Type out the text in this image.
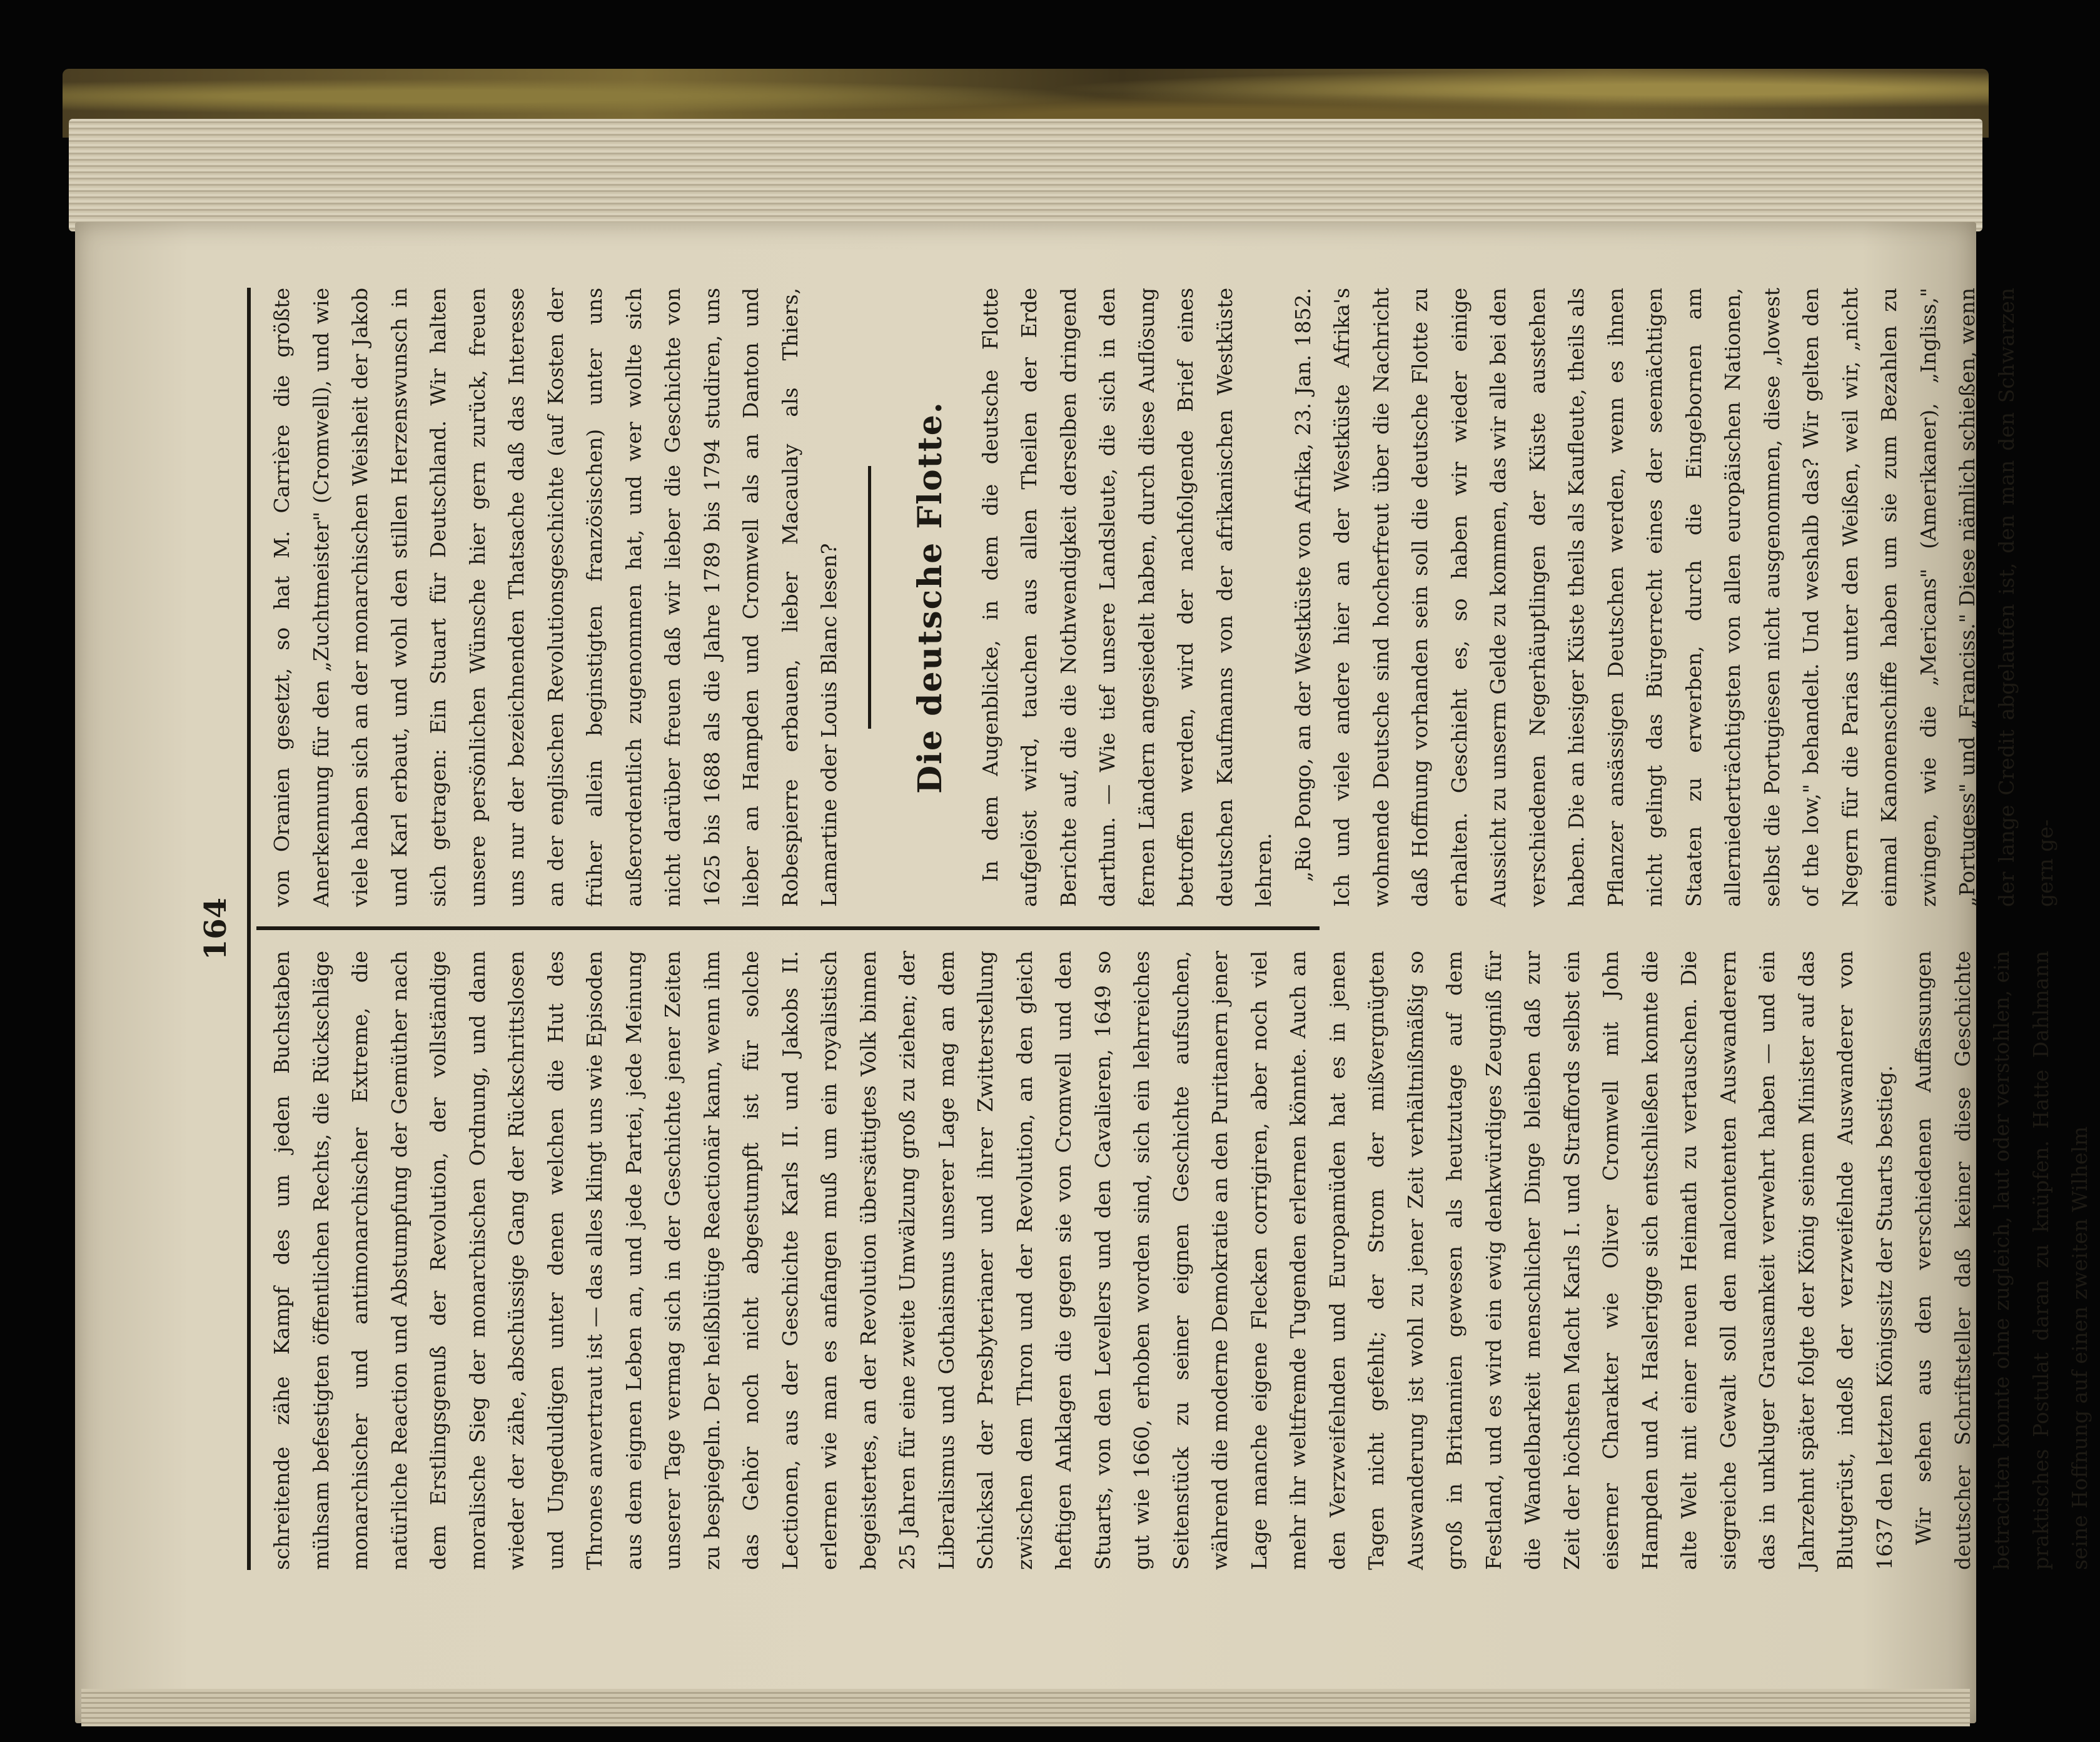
164

schreitende zähe Kampf des um jeden Buchstaben mühsam befestigten öffentlichen Rechts, die Rückschläge monarchischer und antimonarchischer Extreme, die natürliche Reaction und Abstumpfung der Gemüther nach dem Erstlingsgenuß der Revolution, der vollständige moralische Sieg der monarchischen Ordnung, und dann wieder der zähe, abschüssige Gang der Rückschrittslosen und Ungeduldigen unter denen welchen die Hut des Thrones anvertraut ist — das alles klingt uns wie Episoden aus dem eignen Leben an, und jede Partei, jede Meinung unserer Tage vermag sich in der Geschichte jener Zeiten zu bespiegeln. Der heißblütige Reactionär kann, wenn ihm das Gehör noch nicht abgestumpft ist für solche Lectionen, aus der Geschichte Karls II. und Jakobs II. erlernen wie man es anfangen muß um ein royalistisch begeistertes, an der Revolution übersättigtes Volk binnen 25 Jahren für eine zweite Umwälzung groß zu ziehen; der Liberalismus und Gothaismus unserer Lage mag an dem Schicksal der Presbyterianer und ihrer Zwitterstellung zwischen dem Thron und der Revolution, an den gleich heftigen Anklagen die gegen sie von Cromwell und den Stuarts, von den Levellers und den Cavalieren, 1649 so gut wie 1660, erhoben worden sind, sich ein lehrreiches Seitenstück zu seiner eignen Geschichte aufsuchen, während die moderne Demokratie an den Puritanern jener Lage manche eigene Flecken corrigiren, aber noch viel mehr ihr weltfremde Tugenden erlernen könnte. Auch an den Verzweifelnden und Europamüden hat es in jenen Tagen nicht gefehlt; der Strom der mißvergnügten Auswanderung ist wohl zu jener Zeit verhältnißmäßig so groß in Britannien gewesen als heutzutage auf dem Festland, und es wird ein ewig denkwürdiges Zeugniß für die Wandelbarkeit menschlicher Dinge bleiben daß zur Zeit der höchsten Macht Karls I. und Straffords selbst ein eiserner Charakter wie Oliver Cromwell mit John Hampden und A. Haslerigge sich entschließen konnte die alte Welt mit einer neuen Heimath zu vertauschen. Die siegreiche Gewalt soll den malcontenten Auswanderern das in unkluger Grausamkeit verwehrt haben — und ein Jahrzehnt später folgte der König seinem Minister auf das Blutgerüst, indeß der verzweifelnde Auswanderer von 1637 den letzten Königssitz der Stuarts bestieg. Wir sehen aus den verschiedenen Auffassungen deutscher Schriftsteller daß keiner diese Geschichte betrachten konnte ohne zugleich, laut oder verstohlen, ein praktisches Postulat daran zu knüpfen. Hatte Dahlmann seine Hoffnung auf einen zweiten Wilhelm

von Oranien gesetzt, so hat M. Carrière die größte Anerkennung für den „Zuchtmeister" (Cromwell), und wie viele haben sich an der monarchischen Weisheit der Jakob und Karl erbaut, und wohl den stillen Herzenswunsch in sich getragen: Ein Stuart für Deutschland. Wir halten unsere persönlichen Wünsche hier gern zurück, freuen uns nur der bezeichnenden Thatsache daß das Interesse an der englischen Revolutionsgeschichte (auf Kosten der früher allein beginstigten französischen) unter uns außerordentlich zugenommen hat, und wer wollte sich nicht darüber freuen daß wir lieber die Geschichte von 1625 bis 1688 als die Jahre 1789 bis 1794 studiren, uns lieber an Hampden und Cromwell als an Danton und Robespierre erbauen, lieber Macaulay als Thiers, Lamartine oder Louis Blanc lesen? Die deutsche Flotte.	In dem Augenblicke, in dem die deutsche Flotte aufgelöst wird, tauchen aus allen Theilen der Erde Berichte auf, die die Nothwendigkeit derselben dringend darthun. — Wie tief unsere Landsleute, die sich in den fernen Ländern angesiedelt haben, durch diese Auflösung betroffen werden, wird der nachfolgende Brief eines deutschen Kaufmanns von der afrikanischen Westküste lehren. „Rio Pongo, an der Westküste von Afrika, 23. Jan. 1852. Ich und viele andere hier an der Westküste Afrika's wohnende Deutsche sind hocherfreut über die Nachricht daß Hoffnung vorhanden sein soll die deutsche Flotte zu erhalten. Geschieht es, so haben wir wieder einige Aussicht zu unserm Gelde zu kommen, das wir alle bei den verschiedenen Negerhäuptlingen der Küste ausstehen haben. Die an hiesiger Küste theils als Kaufleute, theils als Pflanzer ansässigen Deutschen werden, wenn es ihnen nicht gelingt das Bürgerrecht eines der seemächtigen Staaten zu erwerben, durch die Eingebornen am allerniederträchtigsten von allen europäischen Nationen, selbst die Portugiesen nicht ausgenommen, diese „lowest of the low," behandelt. Und weshalb das? Wir gelten den Negern für die Parias unter den Weißen, weil wir, „nicht einmal Kanonenschiffe haben um sie zum Bezahlen zu zwingen, wie die „Mericans" (Amerikaner), „Ingliss," „Portugess" und „Franciss." Diese nämlich schießen, wenn der lange Credit abgelaufen ist, den man den Schwarzen gern ge-
